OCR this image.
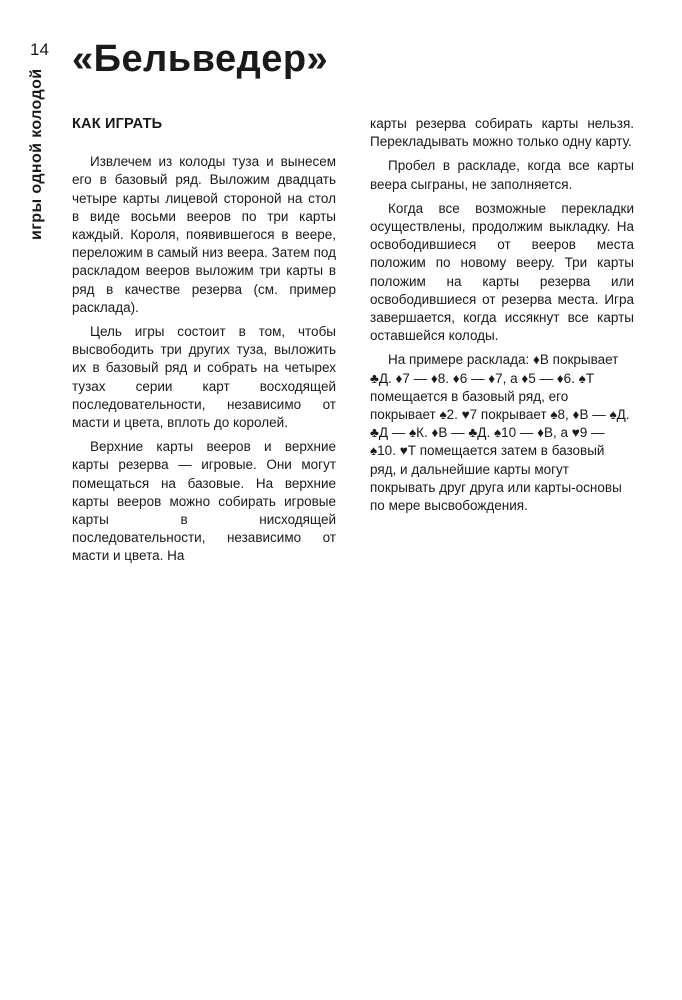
14
игры одной колодой
«Бельведер»
КАК ИГРАТЬ

Извлечем из колоды туза и вынесем его в базовый ряд. Выложим двадцать четыре карты лицевой стороной на стол в виде восьми вееров по три карты каждый. Короля, появившегося в веере, переложим в самый низ веера. Затем под раскладом вееров выложим три карты в ряд в качестве резерва (см. пример расклада).

Цель игры состоит в том, чтобы высвободить три других туза, выложить их в базовый ряд и собрать на четырех тузах серии карт восходящей последовательности, независимо от масти и цвета, вплоть до королей.

Верхние карты вееров и верхние карты резерва — игровые. Они могут помещаться на базовые. На верхние карты вееров можно собирать игровые карты в нисходящей последовательности, независимо от масти и цвета. На

карты резерва собирать карты нельзя. Перекладывать можно только одну карту.

Пробел в раскладе, когда все карты веера сыграны, не заполняется.

Когда все возможные перекладки осуществлены, продолжим выкладку. На освободившиеся от вееров места положим по новому вееру. Три карты положим на карты резерва или освободившиеся от резерва места. Игра завершается, когда иссякнут все карты оставшейся колоды.

На примере расклада: ♦В покрывает ♣Д. ♦7 — ♦8. ♦6 — ♦7, а ♦5 — ♦6. ♠Т помещается в базовый ряд, его покрывает ♠2. ♥7 покрывает ♠8, ♦В — ♠Д. ♣Д — ♠К. ♦В — ♣Д. ♠10 — ♦В, а ♥9 — ♠10. ♥Т помещается затем в базовый ряд, и дальнейшие карты могут покрывать друг друга или карты-основы по мере высвобождения.
